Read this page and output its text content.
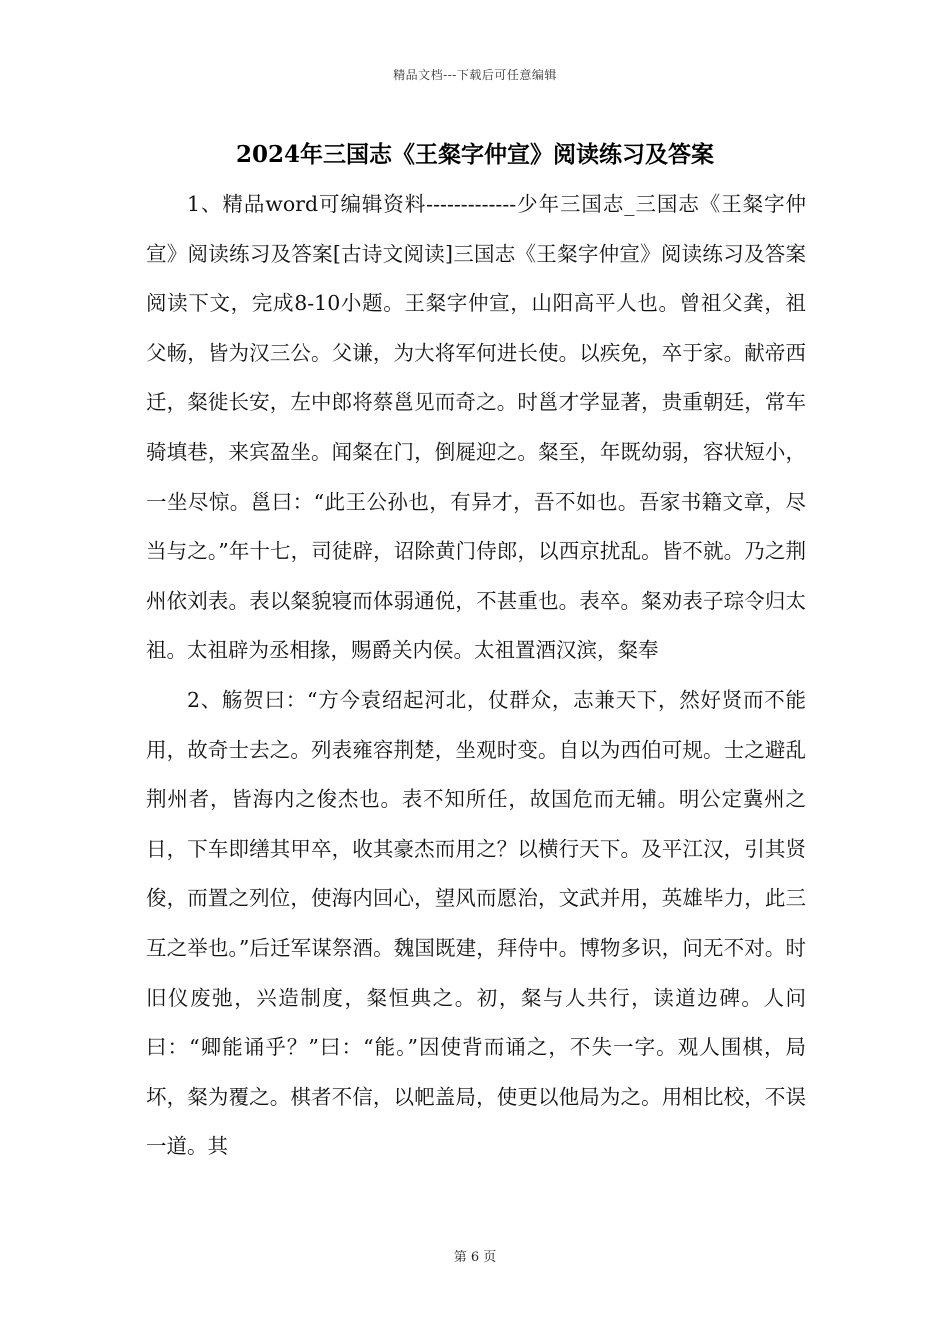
精品文档---下载后可任意编辑
2024年三国志《王粲字仲宣》阅读练习及答案

1、精品word可编辑资料-------------少年三国志_三国志《王粲字仲宣》阅读练习及答案[古诗文阅读]三国志《王粲字仲宣》阅读练习及答案阅读下文，完成8-10小题。王粲字仲宣，山阳高平人也。曾祖父龚，祖父畅，皆为汉三公。父谦，为大将军何进长使。以疾免，卒于家。献帝西迁，粲徙长安，左中郎将蔡邕见而奇之。时邕才学显著，贵重朝廷，常车骑填巷，来宾盈坐。闻粲在门，倒屣迎之。粲至，年既幼弱，容状短小，一坐尽惊。邕曰：“此王公孙也，有异才，吾不如也。吾家书籍文章，尽当与之。”年十七，司徒辟，诏除黄门侍郎，以西京扰乱。皆不就。乃之荆州依刘表。表以粲貌寝而体弱通侻，不甚重也。表卒。粲劝表子琮令归太祖。太祖辟为丞相掾，赐爵关内侯。太祖置酒汉滨，粲奉

2、觞贺曰：“方今袁绍起河北，仗群众，志兼天下，然好贤而不能用，故奇士去之。列表雍容荆楚，坐观时变。自以为西伯可规。士之避乱荆州者，皆海内之俊杰也。表不知所任，故国危而无辅。明公定冀州之日，下车即缮其甲卒，收其豪杰而用之？以横行天下。及平江汉，引其贤俊，而置之列位，使海内回心，望风而愿治，文武并用，英雄毕力，此三互之举也。”后迁军谋祭酒。魏国既建，拜侍中。博物多识，问无不对。时旧仪废弛，兴造制度，粲恒典之。初，粲与人共行，读道边碑。人问曰：“卿能诵乎？”曰：“能。”因使背而诵之，不失一字。观人围棋，局坏，粲为覆之。棋者不信，以帊盖局，使更以他局为之。用相比校，不误一道。其

第 6 页
